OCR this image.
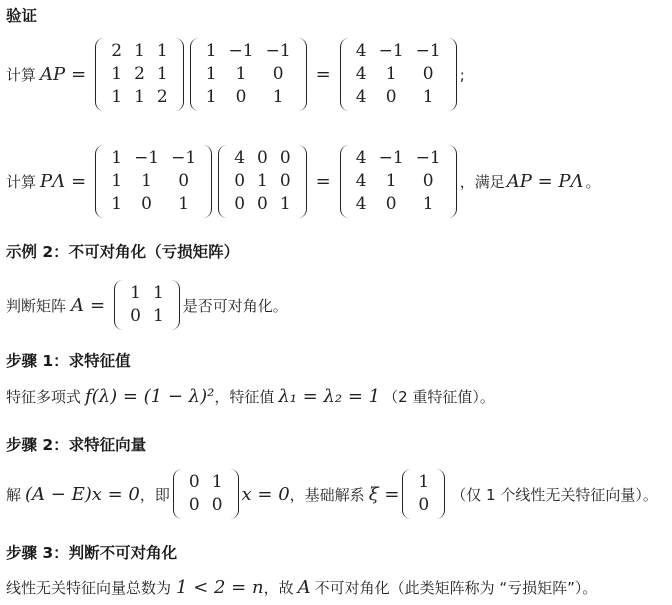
验证
计算 AP =
2 1 1
1 2 1
1 1 2
1 −1 −1
1	1	0
1	0	1
=
4 −1 −1
4	1	0
4	0	1
;
计算 PΛ =
1 −1 −1
1	1	0
1	0	1
4 0 0
0 1 0
0 0 1
=
4 −1 −1
4	1	0
4	0	1
，满足 AP = PΛ 。
示例 2：不可对角化（亏损矩阵）
判断矩阵 A =
1 1
0 1
是否可对角化。
步骤 1：求特征值
特征多项式 f(λ) = (1 − λ)² ，特征值 λ₁ = λ₂ = 1 （2 重特征值）。
步骤 2：求特征向量
解 (A − E)x = 0 ，即
0 1
0 0
x = 0 ，基础解系 ξ =
1
0
（仅 1 个线性无关特征向量）。
步骤 3：判断不可对角化
线性无关特征向量总数为 1 < 2 = n ，故 A 不可对角化（此类矩阵称为 “亏损矩阵”）。
